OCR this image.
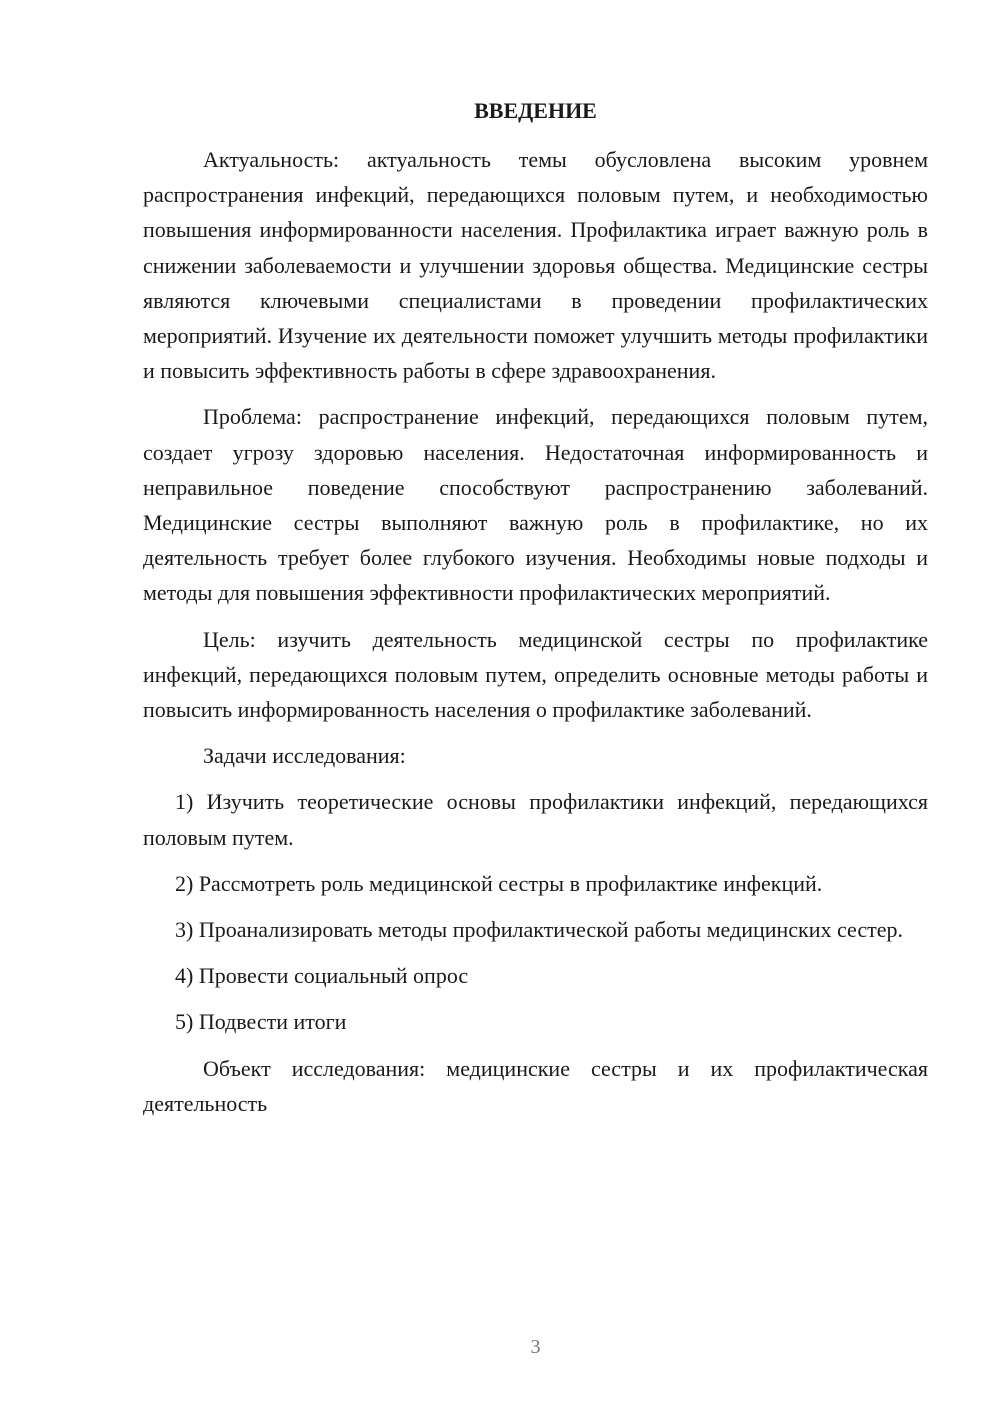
ВВЕДЕНИЕ

Актуальность: актуальность темы обусловлена высоким уровнем распространения инфекций, передающихся половым путем, и необходимостью повышения информированности населения. Профилактика играет важную роль в снижении заболеваемости и улучшении здоровья общества. Медицинские сестры являются ключевыми специалистами в проведении профилактических мероприятий. Изучение их деятельности поможет улучшить методы профилактики и повысить эффективность работы в сфере здравоохранения.

Проблема: распространение инфекций, передающихся половым путем, создает угрозу здоровью населения. Недостаточная информированность и неправильное поведение способствуют распространению заболеваний. Медицинские сестры выполняют важную роль в профилактике, но их деятельность требует более глубокого изучения. Необходимы новые подходы и методы для повышения эффективности профилактических мероприятий.

Цель: изучить деятельность медицинской сестры по профилактике инфекций, передающихся половым путем, определить основные методы работы и повысить информированность населения о профилактике заболеваний.

Задачи исследования:

1) Изучить теоретические основы профилактики инфекций, передающихся половым путем.

2) Рассмотреть роль медицинской сестры в профилактике инфекций.

3) Проанализировать методы профилактической работы медицинских сестер.

4) Провести социальный опрос

5) Подвести итоги

Объект исследования: медицинские сестры и их профилактическая деятельность

3
